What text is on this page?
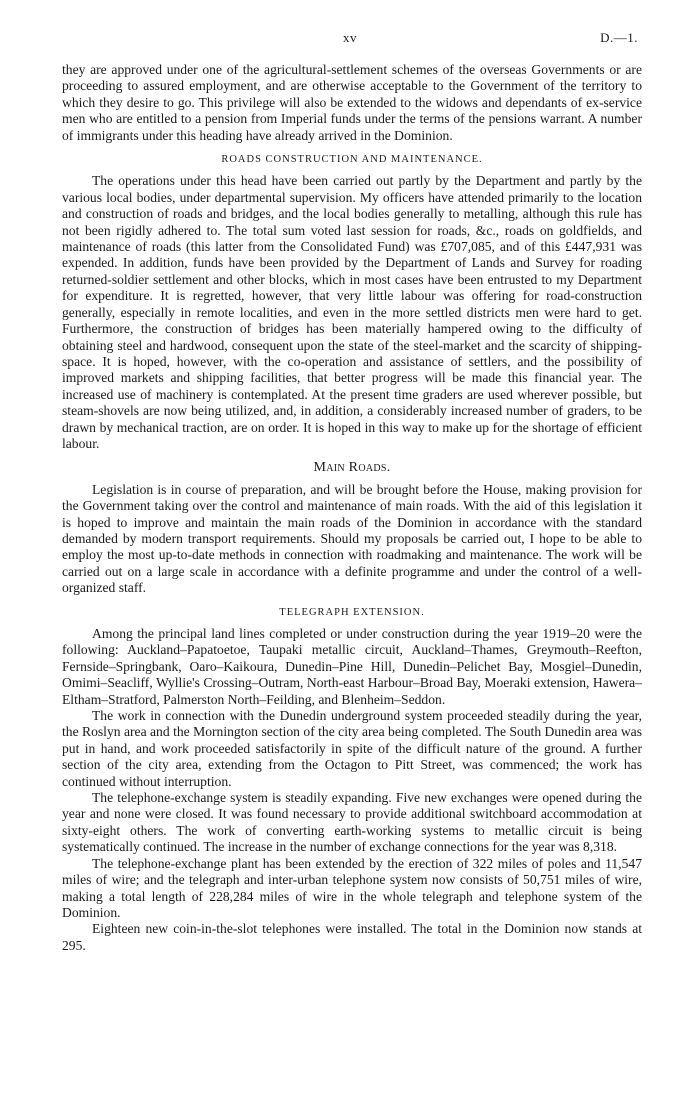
xv	D.—1.

they are approved under one of the agricultural-settlement schemes of the overseas Governments or are proceeding to assured employment, and are otherwise acceptable to the Government of the territory to which they desire to go. This privilege will also be extended to the widows and dependants of ex-service men who are entitled to a pension from Imperial funds under the terms of the pensions warrant. A number of immigrants under this heading have already arrived in the Dominion.

ROADS CONSTRUCTION AND MAINTENANCE.

The operations under this head have been carried out partly by the Department and partly by the various local bodies, under departmental supervision. My officers have attended primarily to the location and construction of roads and bridges, and the local bodies generally to metalling, although this rule has not been rigidly adhered to. The total sum voted last session for roads, &c., roads on goldfields, and maintenance of roads (this latter from the Consolidated Fund) was £707,085, and of this £447,931 was expended. In addition, funds have been provided by the Department of Lands and Survey for roading returned-soldier settlement and other blocks, which in most cases have been entrusted to my Department for expenditure. It is regretted, however, that very little labour was offering for road-construction generally, especially in remote localities, and even in the more settled districts men were hard to get. Furthermore, the construction of bridges has been materially hampered owing to the difficulty of obtaining steel and hardwood, consequent upon the state of the steel-market and the scarcity of shipping-space. It is hoped, however, with the co-operation and assistance of settlers, and the possibility of improved markets and shipping facilities, that better progress will be made this financial year. The increased use of machinery is contemplated. At the present time graders are used wherever possible, but steam-shovels are now being utilized, and, in addition, a considerably increased number of graders, to be drawn by mechanical traction, are on order. It is hoped in this way to make up for the shortage of efficient labour.

Main Roads.

Legislation is in course of preparation, and will be brought before the House, making provision for the Government taking over the control and maintenance of main roads. With the aid of this legislation it is hoped to improve and maintain the main roads of the Dominion in accordance with the standard demanded by modern transport requirements. Should my proposals be carried out, I hope to be able to employ the most up-to-date methods in connection with roadmaking and maintenance. The work will be carried out on a large scale in accordance with a definite programme and under the control of a well-organized staff.

TELEGRAPH EXTENSION.

Among the principal land lines completed or under construction during the year 1919–20 were the following: Auckland–Papatoetoe, Taupaki metallic circuit, Auckland–Thames, Greymouth–Reefton, Fernside–Springbank, Oaro–Kaikoura, Dunedin–Pine Hill, Dunedin–Pelichet Bay, Mosgiel–Dunedin, Omimi–Seacliff, Wyllie's Crossing–Outram, North-east Harbour–Broad Bay, Moeraki extension, Hawera–Eltham–Stratford, Palmerston North–Feilding, and Blenheim–Seddon.

The work in connection with the Dunedin underground system proceeded steadily during the year, the Roslyn area and the Mornington section of the city area being completed. The South Dunedin area was put in hand, and work proceeded satisfactorily in spite of the difficult nature of the ground. A further section of the city area, extending from the Octagon to Pitt Street, was commenced; the work has continued without interruption.

The telephone-exchange system is steadily expanding. Five new exchanges were opened during the year and none were closed. It was found necessary to provide additional switchboard accommodation at sixty-eight others. The work of converting earth-working systems to metallic circuit is being systematically continued. The increase in the number of exchange connections for the year was 8,318.

The telephone-exchange plant has been extended by the erection of 322 miles of poles and 11,547 miles of wire; and the telegraph and inter-urban telephone system now consists of 50,751 miles of wire, making a total length of 228,284 miles of wire in the whole telegraph and telephone system of the Dominion.

Eighteen new coin-in-the-slot telephones were installed. The total in the Dominion now stands at 295.
